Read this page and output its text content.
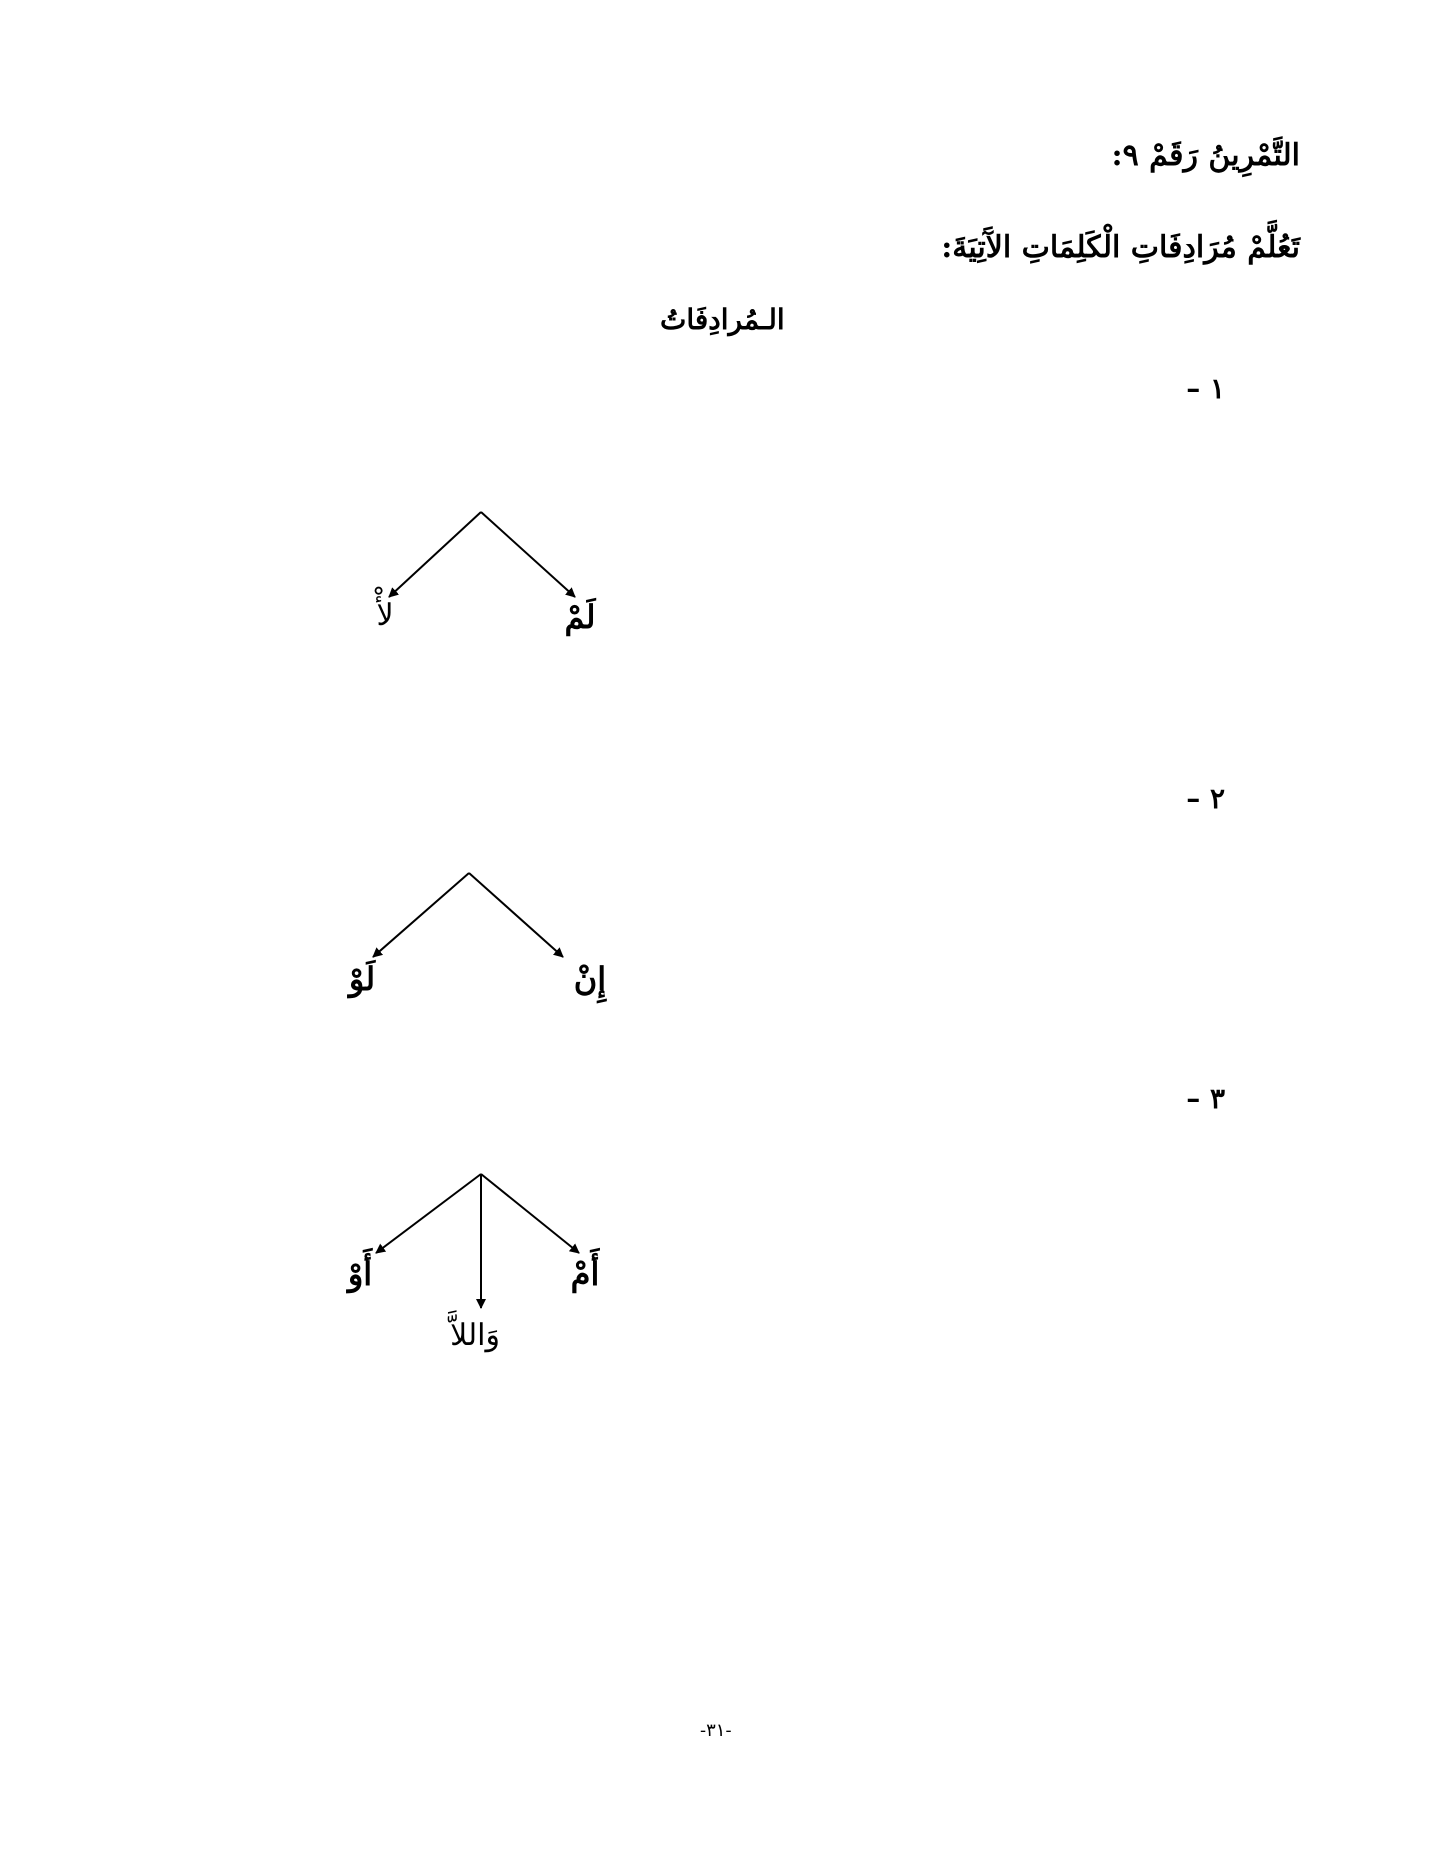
التَّمْرِينُ رَقَمْ ٩:
تَعُلَّمْ مُرَادِفَاتِ الْكَلِمَاتِ الآَتِيَةَ:
الـمُرادِفَاتُ
١ –
٢ –
٣ –
لَمْ
لأْ
إِنْ
لَوْ
أَمْ
وَاللاَّ
أَوْ
-٣١-
